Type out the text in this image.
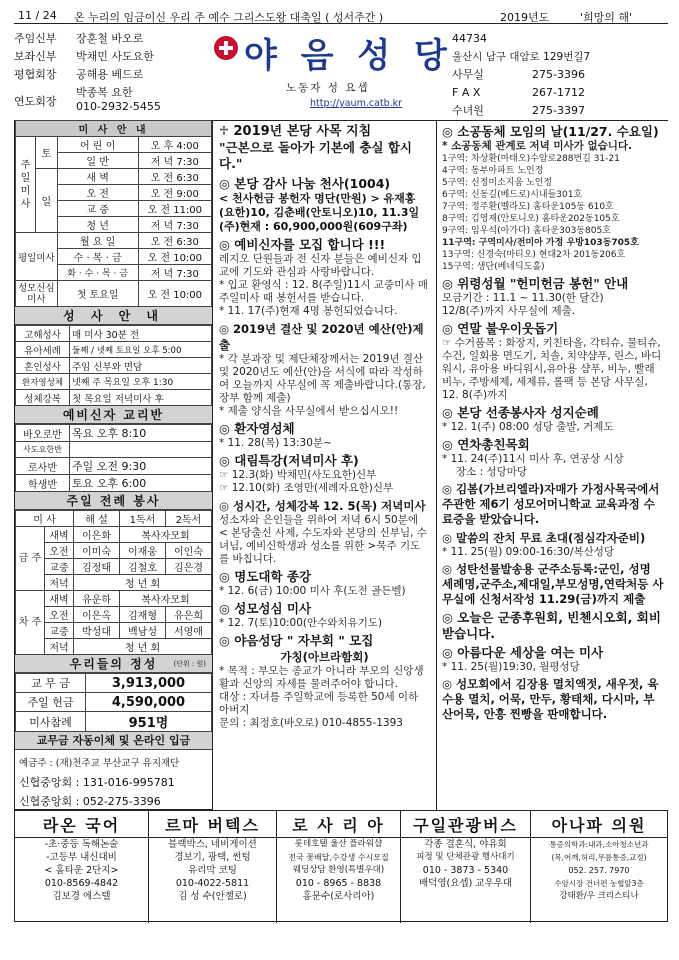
11 / 24 온 누리의 임금이신 우리 주 예수 그리스도왕 대축일 ( 성서주간 )	2019년도	'희망의 해'
주임신부 장훈철 바오로
보좌신부 박채민 사도요한
평협회장 공해용 베드로
연도회장
박종복 요한
010-2932-5455
야 음 성 당
노동자 성 요셉
http://yaum.catb.kr
44734
울산시 남구 대암로 129번길7
사무실	275-3396
F A X	267-1712
수녀원	275-3397
미 사 안 내			
주일미사	토	어 린 이	오 후 4:00
		일 반	저 녁 7:30
	일	새 벽	오 전 6:30
		오 전	오 전 9:00
		교 중	오 전 11:00
		청 년	저 녁 7:30
평일미사		월 요 일	오 전 6:30
		수 · 목 · 금	오 전 10:00
		화 · 수 · 목 · 금	저 녁 7:30
성모신심미사		첫 토요일	오 전 10:00
성 사 안 내
고해성사	매 미사 30분 전
유아세례	둘째 / 넷째 토요일 오후 5:00
혼인성사	주임 신부와 면담
환자영성체	넷째 주 목요일 오후 1:30
성체강복	첫 목요일 저녁미사 후
예비신자 교리반
바오로반	목요 오후 8:10
사도요한반	
로사반	주일 오전 9:30
학생반	토요 오후 6:00
주일 전례 봉사
미 사		해 설	1독서	2독서
금 주	새벽	이은화	복사자모회	
	오전	이미숙	이재웅	이인숙
	교중	김정태	김철호	김은경
	저녁	청 년 회		
차 주	새벽	유운하	복사자모회	
	오전	이은옥	김재형	유은희
	교중	박성대	백남성	서영애
	저녁	청 년 회		
우리들의 정성 (단위 : 원)
교 무 금	3,913,000
주일 헌금	4,590,000
미사참례	951명
교무금 자동이체 및 온라인 입금
예금주 : (재)천주교 부산교구 유지재단
신협중앙회 : 131-016-995781
신협중앙회 : 052-275-3396
♱ 2019년 본당 사목 지침
"근본으로 돌아가 기본에 충실 합시다."
◎ 본당 감사 나눔 천사(1004)
< 천사헌금 봉헌자 명단(만원) > 유재홍(요한)10, 김춘배(안토니오)10, 11.3일(주)현재 : 60,900,000원(609구좌)
◎ 예비신자를 모집 합니다 !!!
레지오 단원들과 전 신자 분들은 예비신자 입교에 기도와 관심과 사랑바랍니다.
* 입교 환영식 : 12. 8(주일)11시 교중미사 매 주일미사 때 봉헌서를 받습니다.
* 11. 17(주)현재 4명 봉헌되었습니다.
◎ 2019년 결산 및 2020년 예산(안)제출
* 각 분과장 및 제단체장께서는 2019년 결산 및 2020년도 예산(안)을 서식에 따라 작성하여 오늘까지 사무실에 꼭 제출바랍니다.(통장, 장부 함께 제출)
* 제출 양식을 사무실에서 받으십시오!!
◎ 환자영성체
* 11. 28(목) 13:30분~
◎ 대림특강(저녁미사 후)
☞ 12.3(화) 박채민(사도요한)신부
☞ 12.10(화) 조영만(세례자요한)신부
◎ 성시간, 성체강복 12. 5(목) 저녁미사
성소자와 은인들을 위하여 저녁 6시 50분에 < 본당출신 사제, 수도자와 본당의 신부님, 수녀님, 예비신학생과 성소를 위한 >묵주 기도를 바칩니다.
◎ 명도대학 종강
* 12. 6(금) 10:00 미사 후(도전 골든벨)
◎ 성모성심 미사
* 12. 7(토)10:00(안수와치유기도)
◎ 야음성당 " 자부회 " 모집
가칭(아브라함회)
* 목적 : 부모는 종교가 아니라 부모의 신앙생활과 신앙의 자세를 물려주어야 합니다.
대상 : 자녀를 주일학교에 등록한 50세 이하 아버지
문의 : 최정호(바오로) 010-4855-1393
◎ 소공동체 모임의 날(11/27. 수요일)
* 소공동체 관계로 저녁 미사가 없습니다.
1구역: 차상환(마태오)수암로288번길 31-21
4구역: 동부아파트 노인정
5구역: 신정미소지움 노인정
6구역: 신동길(베드로)시내들301호
7구역: 정주환(벨라도) 홈타운105동 610호
8구역: 김영재(안토니오) 홈타운202동105호
9구역: 임우석(아가다) 홈타운303동805호
11구역: 구역미사/전미아 가정 우방103동705호
13구역: 신경숙(마티오) 현대2차 201동206호
15구역: 생단(베네딕도홀)
◎ 위령성월 "헌미헌금 봉헌" 안내
모금기간 : 11.1 ~ 11.30(한 달간)
12/8(주)까지 사무실에 제출.
◎ 연말 불우이웃돕기
☞ 수거품목 : 화장지, 키친타올, 각티슈, 물티슈, 수건, 일회용 면도기, 치솔, 치약샴푸, 린스, 바디워시, 유아용 바디워시,유아용 샴푸, 비누, 빨래비누, 주방세제, 세제류, 롤팩 등 본당 사무실, 12. 8(주)까지
◎ 본당 선종봉사자 성지순례
* 12. 1(주) 08:00 성당 출발, 거제도
◎ 연차총친목회
* 11. 24(주)11시 미사 후, 연공상 시상
장소 : 성당마당
◎ 김봄(가브리엘라)자매가 가정사목국에서 주관한 제6기 성모어머니학교 교육과정 수료증을 받았습니다.
◎ 말씀의 잔치 무료 초대(점심각자준비)
* 11. 25(월) 09:00-16:30/복산성당
◎ 성탄선물발송용 군주소등록:군인, 성명 세례명,군주소,제대일,부모성명,연락처등 사무실에 신청서작성 11.29(금)까지 제출
◎ 오늘은 군종후원회, 빈첸시오회, 회비 받습니다.
◎ 아름다운 세상을 여는 미사
* 11. 25(월)19:30, 월평성당
◎ 성모회에서 김장용 멸치액젓, 새우젓, 육수용 멸치, 어묵, 만두, 황태채, 다시마, 부산어묵, 안흥 찐빵을 판매합니다.
라온 국어
-초·중등 독해논술
-고등부 내신대비
< 홈타운 2단지>
010-8569-4842
김보경 에스텔
르마 버텍스
블랙박스, 네비게이션
경보기, 광택, 썬텅
유리막 코팅
010-4022-5811
김 성 수(안젤로)
로 사 리 아
롯데호텔 울산 플라워샵
전국 꽃배달,수강생 수시모집
웨딩상담 환영(특별우대)
010 - 8965 - 8838
홍문수(로사리아)
구일관광버스
각종 결혼식, 야유회
피정 및 단체관광 행사대기
010 - 3873 - 5340
배덕영(요셉) 교우우대
아나파 의원
통증의학과:내과,소아청소년과
(목,어깨,허리,무릎통증,교정)
052. 257. 7970
수암시장 건너편 농협앞3층
강태환/우 크리스티나
